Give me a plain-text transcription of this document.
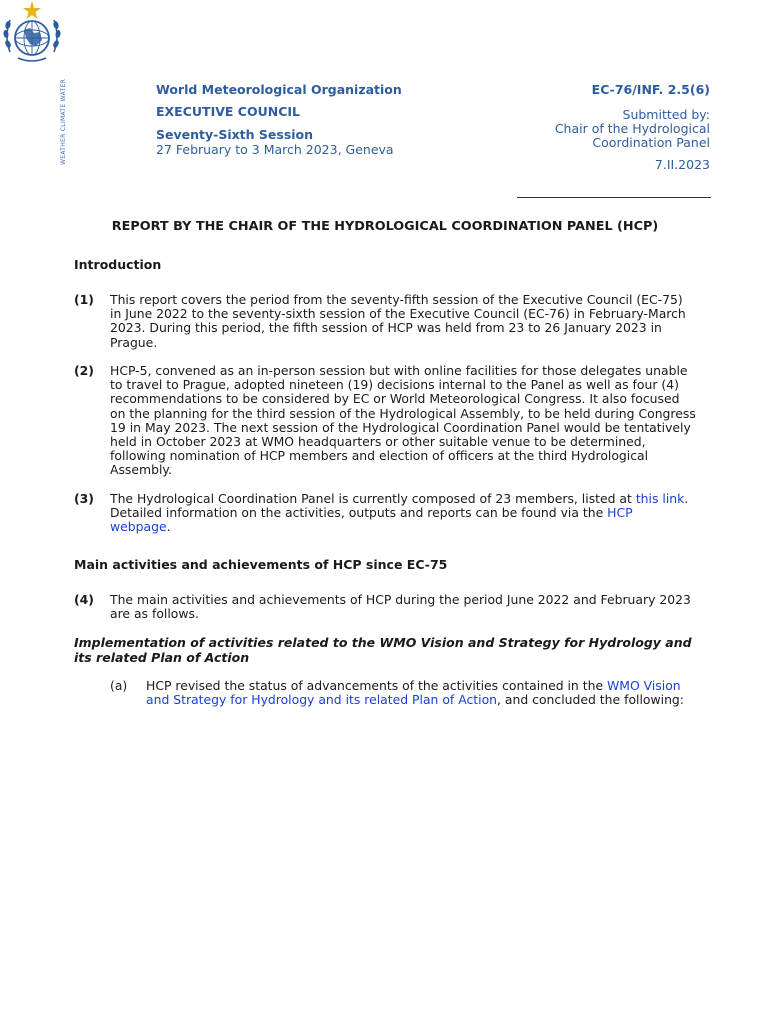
WEATHER CLIMATE WATER	World Meteorological Organization
EXECUTIVE COUNCIL
Seventy-Sixth Session
27 February to 3 March 2023, Geneva
EC-76/INF. 2.5(6)
Submitted by:
Chair of the Hydrological
Coordination Panel
7.II.2023
REPORT BY THE CHAIR OF THE HYDROLOGICAL COORDINATION PANEL (HCP)
Introduction
(1) This report covers the period from the seventy-fifth session of the Executive Council (EC-75) in June 2022 to the seventy-sixth session of the Executive Council (EC-76) in February-March 2023. During this period, the fifth session of HCP was held from 23 to 26 January 2023 in Prague.
(2) HCP-5, convened as an in-person session but with online facilities for those delegates unable to travel to Prague, adopted nineteen (19) decisions internal to the Panel as well as four (4) recommendations to be considered by EC or World Meteorological Congress. It also focused on the planning for the third session of the Hydrological Assembly, to be held during Congress 19 in May 2023. The next session of the Hydrological Coordination Panel would be tentatively held in October 2023 at WMO headquarters or other suitable venue to be determined, following nomination of HCP members and election of officers at the third Hydrological Assembly.
(3) The Hydrological Coordination Panel is currently composed of 23 members, listed at this link. Detailed information on the activities, outputs and reports can be found via the HCP webpage.
Main activities and achievements of HCP since EC-75
(4) The main activities and achievements of HCP during the period June 2022 and February 2023 are as follows.
Implementation of activities related to the WMO Vision and Strategy for Hydrology and its related Plan of Action
(a) HCP revised the status of advancements of the activities contained in the WMO Vision and Strategy for Hydrology and its related Plan of Action, and concluded the following:
